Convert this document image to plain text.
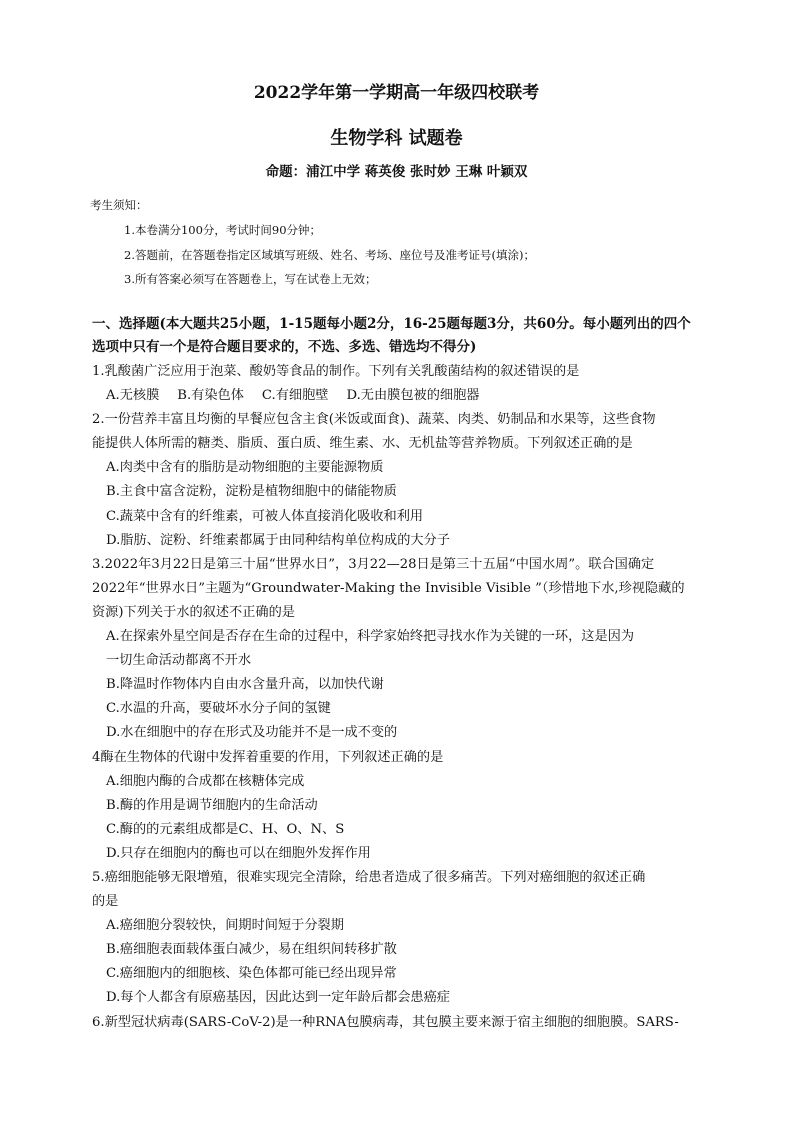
2022学年第一学期高一年级四校联考
生物学科 试题卷
命题：浦江中学 蒋英俊 张时妙 王琳 叶颖双
考生须知：
1.本卷满分100分，考试时间90分钟；
2.答题前，在答题卷指定区域填写班级、姓名、考场、座位号及准考证号(填涂)；
3.所有答案必须写在答题卷上，写在试卷上无效；
一、选择题(本大题共25小题，1-15题每小题2分，16-25题每题3分，共60分。每小题列出的四个
选项中只有一个是符合题目要求的，不选、多选、错选均不得分)
1.乳酸菌广泛应用于泡菜、酸奶等食品的制作。下列有关乳酸菌结构的叙述错误的是
A.无核膜 B.有染色体 C.有细胞壁 D.无由膜包被的细胞器
2.一份营养丰富且均衡的早餐应包含主食(米饭或面食)、蔬菜、肉类、奶制品和水果等，这些食物
能提供人体所需的糖类、脂质、蛋白质、维生素、水、无机盐等营养物质。下列叙述正确的是
A.肉类中含有的脂肪是动物细胞的主要能源物质
B.主食中富含淀粉，淀粉是植物细胞中的储能物质
C.蔬菜中含有的纤维素，可被人体直接消化吸收和利用
D.脂肪、淀粉、纤维素都属于由同种结构单位构成的大分子
3.2022年3月22日是第三十届“世界水日”，3月22—28日是第三十五届“中国水周”。联合国确定
2022年“世界水日”主题为“Groundwater-Making the Invisible Visible ”（珍惜地下水,珍视隐藏的
资源)下列关于水的叙述不正确的是
A.在探索外星空间是否存在生命的过程中，科学家始终把寻找水作为关键的一环，这是因为
一切生命活动都离不开水
B.降温时作物体内自由水含量升高，以加快代谢
C.水温的升高，要破坏水分子间的氢键
D.水在细胞中的存在形式及功能并不是一成不变的
4酶在生物体的代谢中发挥着重要的作用，下列叙述正确的是
A.细胞内酶的合成都在核糖体完成
B.酶的作用是调节细胞内的生命活动
C.酶的的元素组成都是C、H、O、N、S
D.只存在细胞内的酶也可以在细胞外发挥作用
5.癌细胞能够无限增殖，很难实现完全清除，给患者造成了很多痛苦。下列对癌细胞的叙述正确
的是
A.癌细胞分裂较快，间期时间短于分裂期
B.癌细胞表面载体蛋白减少，易在组织间转移扩散
C.癌细胞内的细胞核、染色体都可能已经出现异常
D.每个人都含有原癌基因，因此达到一定年龄后都会患癌症
6.新型冠状病毒(SARS-CoV-2)是一种RNA包膜病毒，其包膜主要来源于宿主细胞的细胞膜。SARS-
